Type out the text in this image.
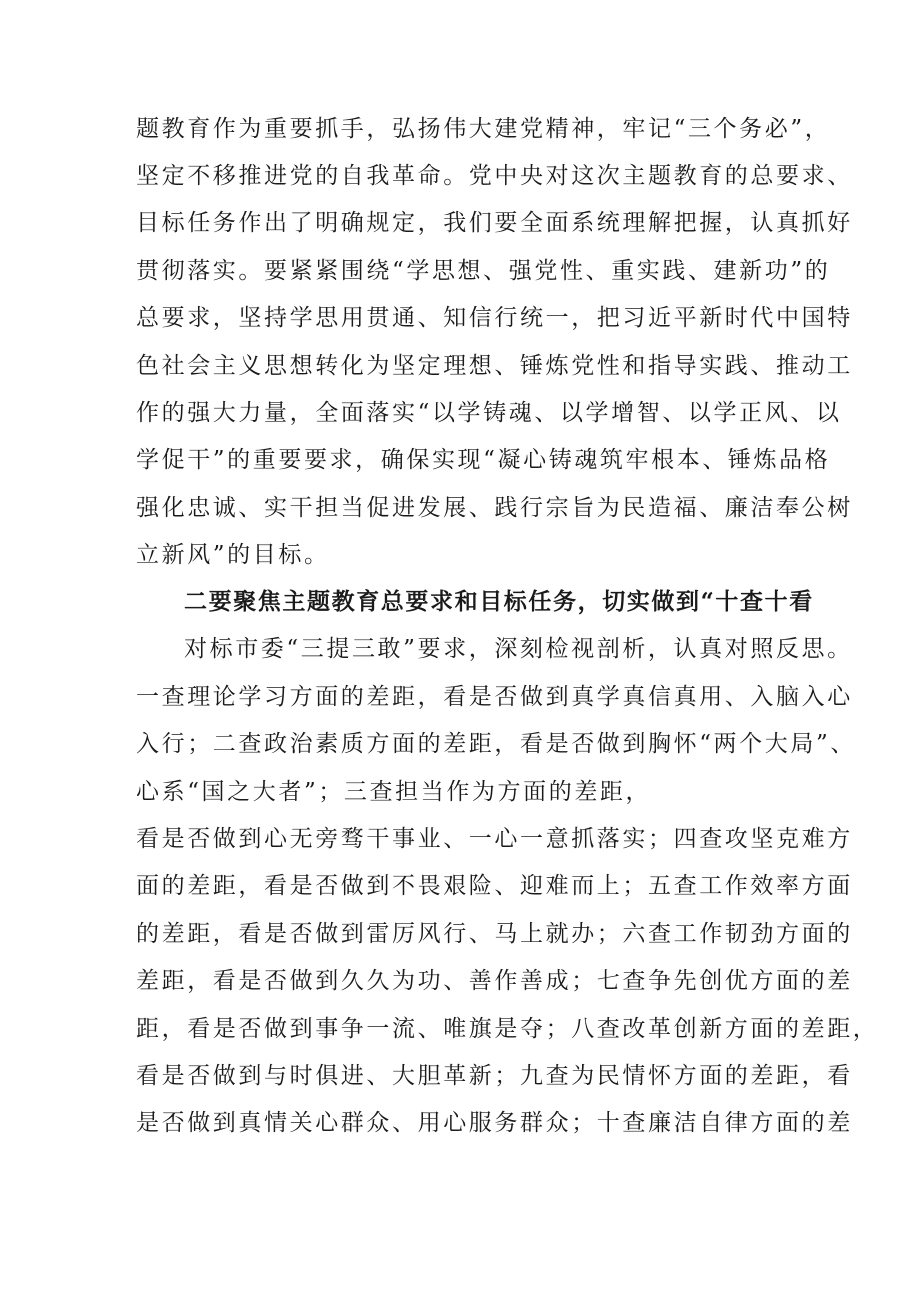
题教育作为重要抓手，弘扬伟大建党精神，牢记“三个务必”，

坚定不移推进党的自我革命。党中央对这次主题教育的总要求、

目标任务作出了明确规定，我们要全面系统理解把握，认真抓好

贯彻落实。要紧紧围绕“学思想、强党性、重实践、建新功”的

总要求，坚持学思用贯通、知信行统一，把习近平新时代中国特

色社会主义思想转化为坚定理想、锤炼党性和指导实践、推动工

作的强大力量，全面落实“以学铸魂、以学增智、以学正风、以

学促干”的重要要求，确保实现“凝心铸魂筑牢根本、锤炼品格

强化忠诚、实干担当促进发展、践行宗旨为民造福、廉洁奉公树

立新风”的目标。

二要聚焦主题教育总要求和目标任务，切实做到“十查十看

对标市委“三提三敢”要求，深刻检视剖析，认真对照反思。

一查理论学习方面的差距，看是否做到真学真信真用、入脑入心

入行；二查政治素质方面的差距，看是否做到胸怀“两个大局”、

心系“国之大者”；三查担当作为方面的差距，

看是否做到心无旁骛干事业、一心一意抓落实；四查攻坚克难方

面的差距，看是否做到不畏艰险、迎难而上；五查工作效率方面

的差距，看是否做到雷厉风行、马上就办；六查工作韧劲方面的

差距，看是否做到久久为功、善作善成；七查争先创优方面的差

距，看是否做到事争一流、唯旗是夺；八查改革创新方面的差距，

看是否做到与时俱进、大胆革新；九查为民情怀方面的差距，看

是否做到真情关心群众、用心服务群众；十查廉洁自律方面的差
